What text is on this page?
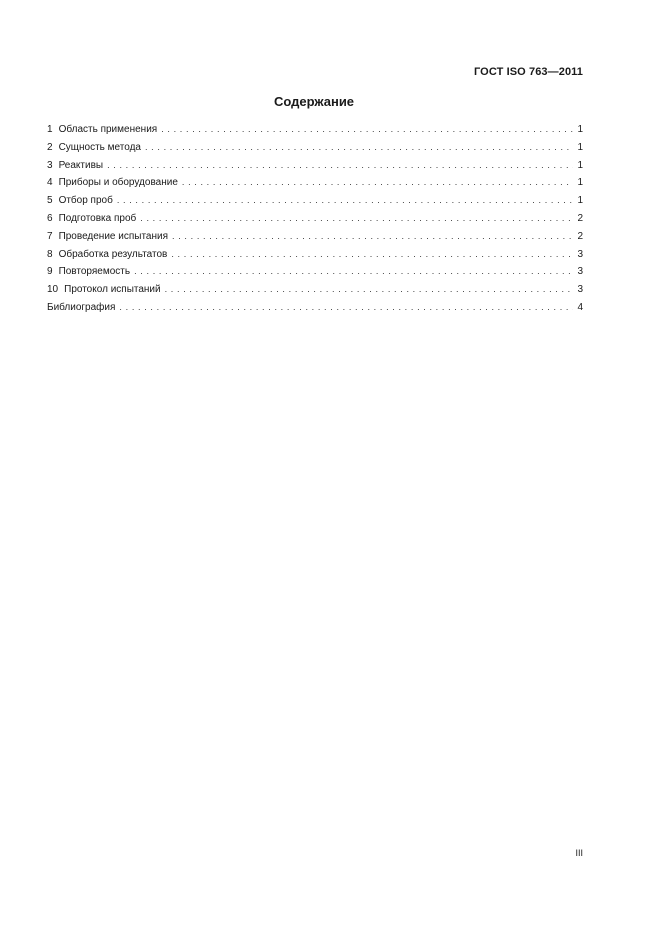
ГОСТ ISO 763—2011
Содержание
1 Область применения . . .	1
2 Сущность метода . . .	1
3 Реактивы . . .	1
4 Приборы и оборудование . . .	1
5 Отбор проб . . .	1
6 Подготовка проб . . .	2
7 Проведение испытания . . .	2
8 Обработка результатов . . .	3
9 Повторяемость . . .	3
10 Протокол испытаний . . .	3
Библиография . . .	4
III
